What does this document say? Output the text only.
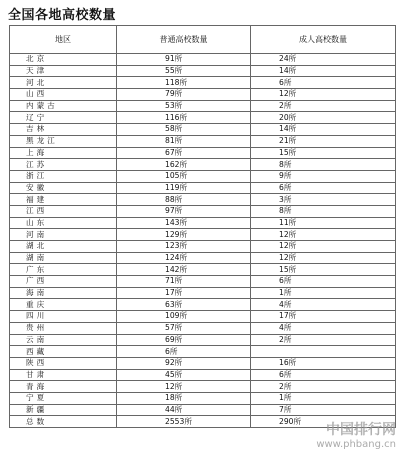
全国各地高校数量
地区	普通高校数量	成人高校数量
北京	91所	24所
天津	55所	14所
河北	118所	6所
山西	79所	12所
内蒙古	53所	2所
辽宁	116所	20所
吉林	58所	14所
黑龙江	81所	21所
上海	67所	15所
江苏	162所	8所
浙江	105所	9所
安徽	119所	6所
福建	88所	3所
江西	97所	8所
山东	143所	11所
河南	129所	12所
湖北	123所	12所
湖南	124所	12所
广东	142所	15所
广西	71所	6所
海南	17所	1所
重庆	63所	4所
四川	109所	17所
贵州	57所	4所
云南	69所	2所
西藏	6所	
陕西	92所	16所
甘肃	45所	6所
青海	12所	2所
宁夏	18所	1所
新疆	44所	7所
总数	2553所	290所
中国排行网
www.phbang.cn
